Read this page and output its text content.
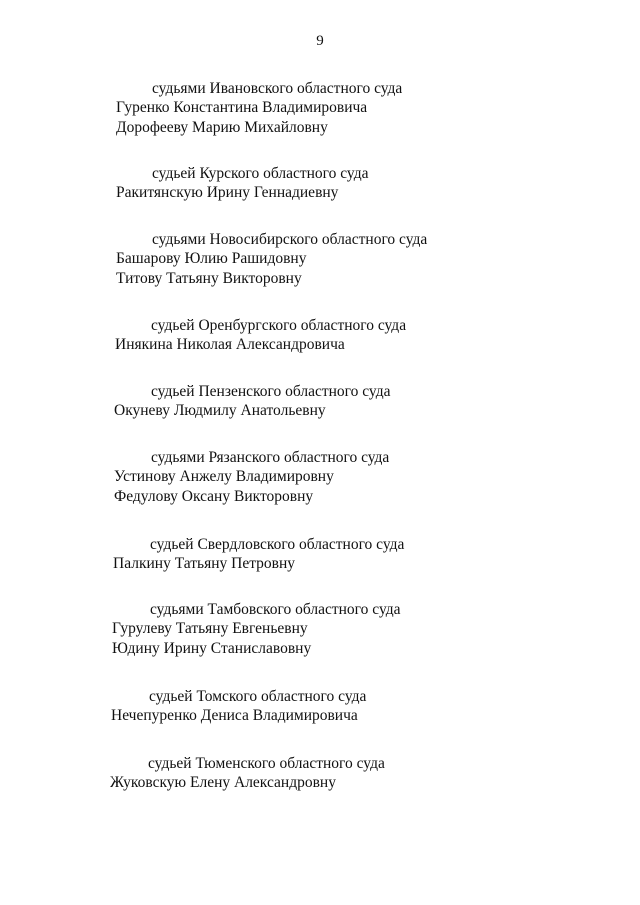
9
судьями Ивановского областного суда
Гуренко Константина Владимировича
Дорофееву Марию Михайловну
судьей Курского областного суда
Ракитянскую Ирину Геннадиевну
судьями Новосибирского областного суда
Башарову Юлию Рашидовну
Титову Татьяну Викторовну
судьей Оренбургского областного суда
Инякина Николая Александровича
судьей Пензенского областного суда
Окуневу Людмилу Анатольевну
судьями Рязанского областного суда
Устинову Анжелу Владимировну
Федулову Оксану Викторовну
судьей Свердловского областного суда
Палкину Татьяну Петровну
судьями Тамбовского областного суда
Гурулеву Татьяну Евгеньевну
Юдину Ирину Станиславовну
судьей Томского областного суда
Нечепуренко Дениса Владимировича
судьей Тюменского областного суда
Жуковскую Елену Александровну
